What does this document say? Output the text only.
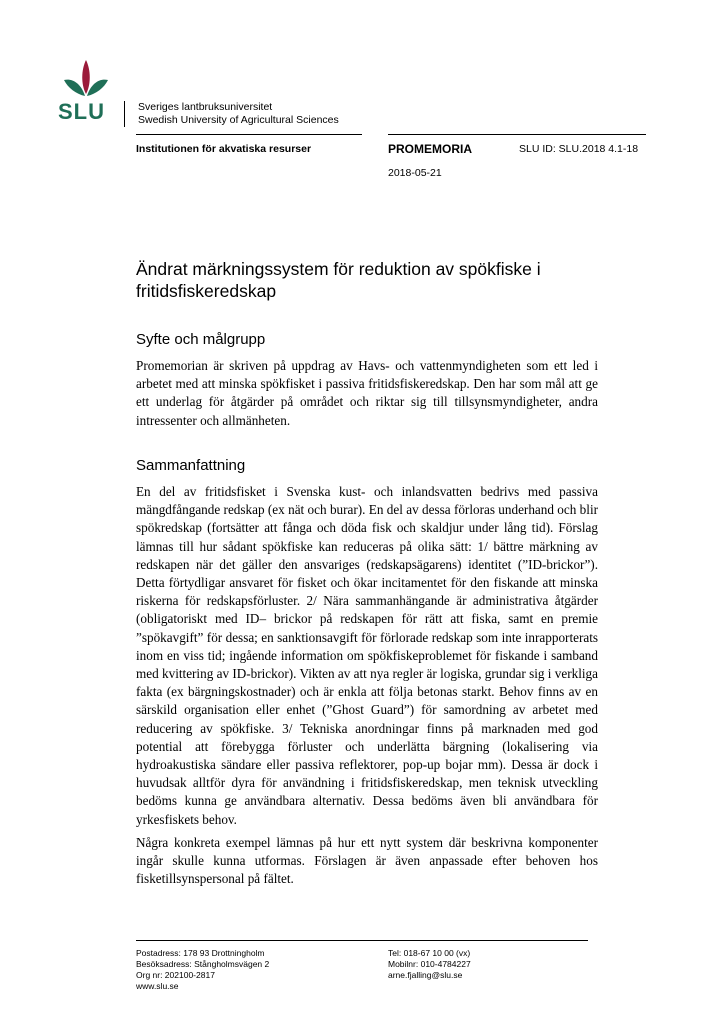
SLU	Sveriges lantbruksuniversitet
Swedish University of Agricultural Sciences
Institutionen för akvatiska resurser	PROMEMORIA	SLU ID: SLU.2018 4.1-18
2018-05-21
Ändrat märkningssystem för reduktion av spökfiske i fritidsfiskeredskap
Syfte och målgrupp

Promemorian är skriven på uppdrag av Havs- och vattenmyndigheten som ett led i arbetet med att minska spökfisket i passiva fritidsfiskeredskap. Den har som mål att ge ett underlag för åtgärder på området och riktar sig till tillsynsmyndigheter, andra intressenter och allmänheten.

Sammanfattning

En del av fritidsfisket i Svenska kust- och inlandsvatten bedrivs med passiva mängdfångande redskap (ex nät och burar). En del av dessa förloras underhand och blir spökredskap (fortsätter att fånga och döda fisk och skaldjur under lång tid). Förslag lämnas till hur sådant spökfiske kan reduceras på olika sätt: 1/ bättre märkning av redskapen när det gäller den ansvariges (redskapsägarens) identitet (”ID-brickor”). Detta förtydligar ansvaret för fisket och ökar incitamentet för den fiskande att minska riskerna för redskapsförluster. 2/ Nära sammanhängande är administrativa åtgärder (obligatoriskt med ID– brickor på redskapen för rätt att fiska, samt en premie ”spökavgift” för dessa; en sanktionsavgift för förlorade redskap som inte inrapporterats inom en viss tid; ingående information om spökfiskeproblemet för fiskande i samband med kvittering av ID-brickor). Vikten av att nya regler är logiska, grundar sig i verkliga fakta (ex bärgningskostnader) och är enkla att följa betonas starkt. Behov finns av en särskild organisation eller enhet (”Ghost Guard”) för samordning av arbetet med reducering av spökfiske. 3/ Tekniska anordningar finns på marknaden med god potential att förebygga förluster och underlätta bärgning (lokalisering via hydroakustiska sändare eller passiva reflektorer, pop-up bojar mm). Dessa är dock i huvudsak alltför dyra för användning i fritidsfiskeredskap, men teknisk utveckling bedöms kunna ge användbara alternativ. Dessa bedöms även bli användbara för yrkesfiskets behov.

Några konkreta exempel lämnas på hur ett nytt system där beskrivna komponenter ingår skulle kunna utformas. Förslagen är även anpassade efter behoven hos fisketillsynspersonal på fältet.

Postadress: 178 93 Drottningholm
Besöksadress: Stångholmsvägen 2
Org nr: 202100-2817
www.slu.se
Tel: 018-67 10 00 (vx)
Mobilnr: 010-4784227
arne.fjalling@slu.se
